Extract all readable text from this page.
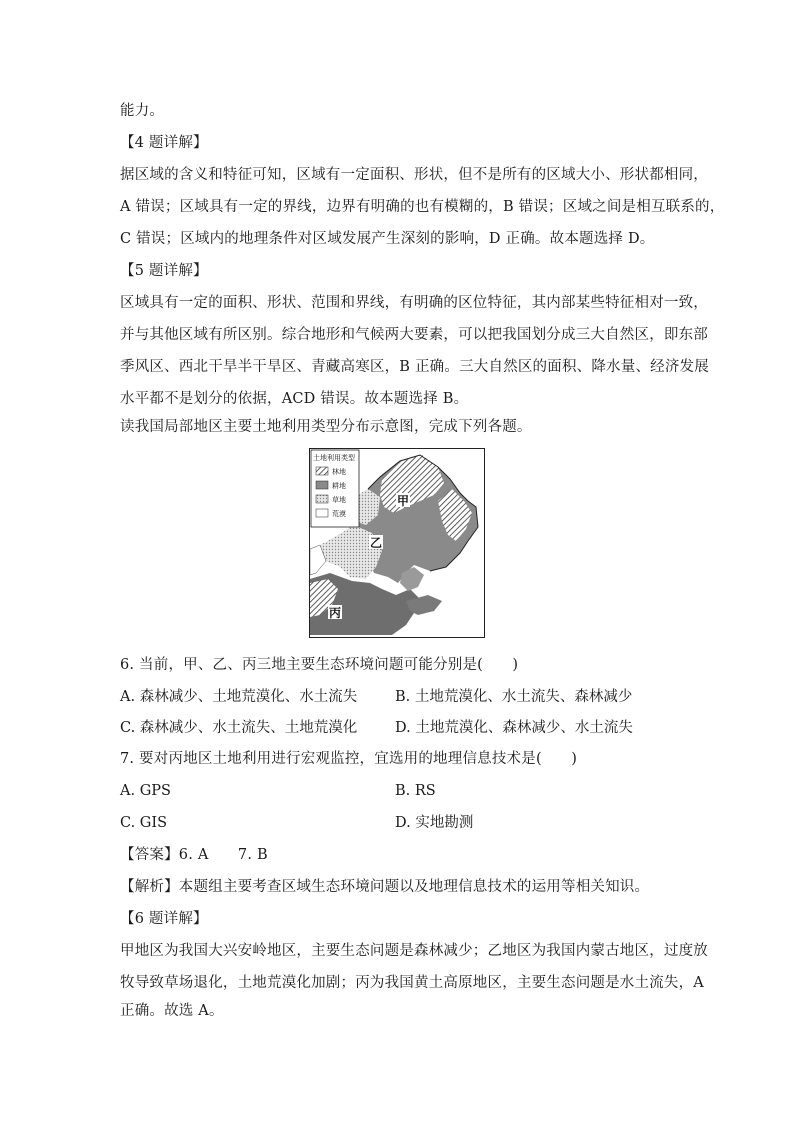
能力。
【4 题详解】
据区域的含义和特征可知，区域有一定面积、形状，但不是所有的区域大小、形状都相同，
A 错误；区域具有一定的界线，边界有明确的也有模糊的，B 错误；区域之间是相互联系的，
C 错误；区域内的地理条件对区域发展产生深刻的影响，D 正确。故本题选择 D。
【5 题详解】
区域具有一定的面积、形状、范围和界线，有明确的区位特征，其内部某些特征相对一致，
并与其他区域有所区别。综合地形和气候两大要素，可以把我国划分成三大自然区，即东部
季风区、西北干旱半干旱区、青藏高寒区，B 正确。三大自然区的面积、降水量、经济发展
水平都不是划分的依据，ACD 错误。故本题选择 B。
读我国局部地区主要土地利用类型分布示意图，完成下列各题。
土地利用类型
林地
耕地
草地
荒漠
甲
乙
丙
6. 当前，甲、乙、丙三地主要生态环境问题可能分别是(　　)
A. 森林减少、土地荒漠化、水土流失	B. 土地荒漠化、水土流失、森林减少
C. 森林减少、水土流失、土地荒漠化	D. 土地荒漠化、森林减少、水土流失
7. 要对丙地区土地利用进行宏观监控，宜选用的地理信息技术是(　　)
A. GPS	B. RS
C. GIS	D. 实地勘测
【答案】6. A　　7. B
【解析】本题组主要考查区域生态环境问题以及地理信息技术的运用等相关知识。
【6 题详解】
甲地区为我国大兴安岭地区，主要生态问题是森林减少；乙地区为我国内蒙古地区，过度放
牧导致草场退化，土地荒漠化加剧；丙为我国黄土高原地区，主要生态问题是水土流失，A
正确。故选 A。
